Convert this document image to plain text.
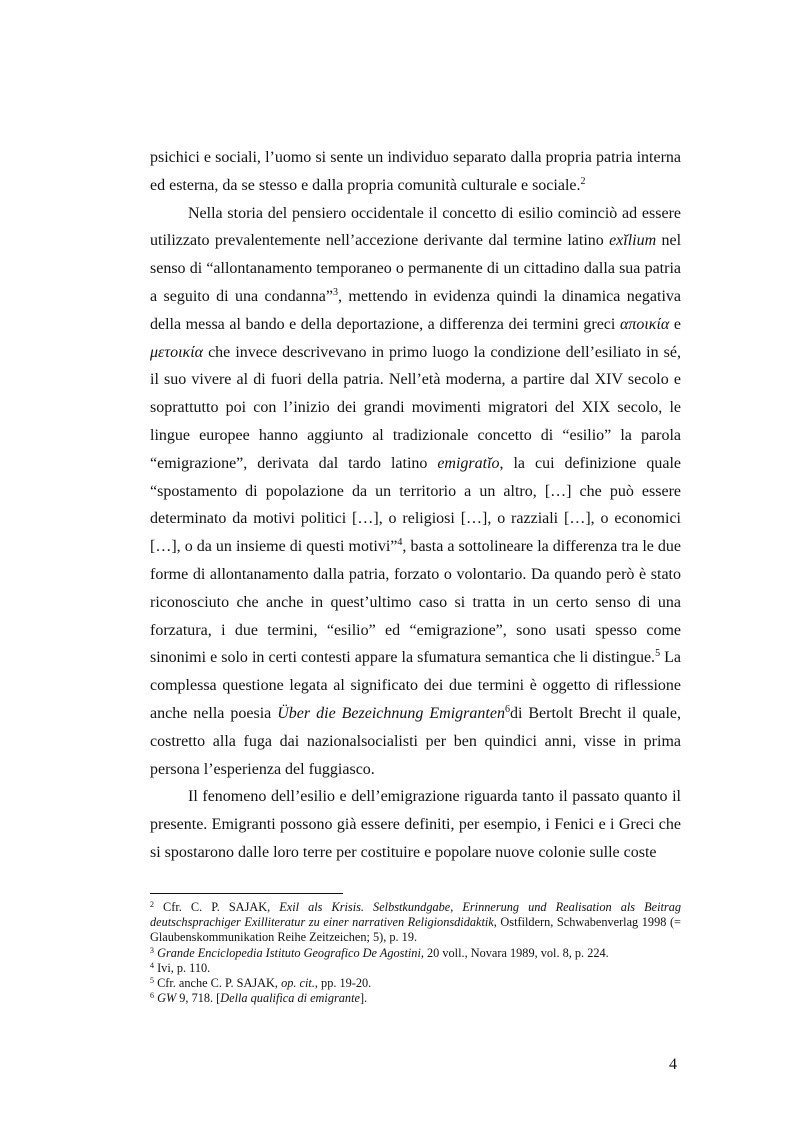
psichici e sociali, l’uomo si sente un individuo separato dalla propria patria interna ed esterna, da se stesso e dalla propria comunità culturale e sociale.$^2$

Nella storia del pensiero occidentale il concetto di esilio cominciò ad essere utilizzato prevalentemente nell’accezione derivante dal termine latino exĭlium nel senso di “allontanamento temporaneo o permanente di un cittadino dalla sua patria a seguito di una condanna”$^3$, mettendo in evidenza quindi la dinamica negativa della messa al bando e della deportazione, a differenza dei termini greci αποικία e μετοικία che invece descrivevano in primo luogo la condizione dell’esiliato in sé, il suo vivere al di fuori della patria. Nell’età moderna, a partire dal XIV secolo e soprattutto poi con l’inizio dei grandi movimenti migratori del XIX secolo, le lingue europee hanno aggiunto al tradizionale concetto di “esilio” la parola “emigrazione”, derivata dal tardo latino emigratĭo, la cui definizione quale “spostamento di popolazione da un territorio a un altro, […] che può essere determinato da motivi politici […], o religiosi […], o razziali […], o economici […], o da un insieme di questi motivi”$^4$, basta a sottolineare la differenza tra le due forme di allontanamento dalla patria, forzato o volontario. Da quando però è stato riconosciuto che anche in quest’ultimo caso si tratta in un certo senso di una forzatura, i due termini, “esilio” ed “emigrazione”, sono usati spesso come sinonimi e solo in certi contesti appare la sfumatura semantica che li distingue.$^5$ La complessa questione legata al significato dei due termini è oggetto di riflessione anche nella poesia Über die Bezeichnung Emigranten$^6$di Bertolt Brecht il quale, costretto alla fuga dai nazionalsocialisti per ben quindici anni, visse in prima persona l’esperienza del fuggiasco.

Il fenomeno dell’esilio e dell’emigrazione riguarda tanto il passato quanto il presente. Emigranti possono già essere definiti, per esempio, i Fenici e i Greci che si spostarono dalle loro terre per costituire e popolare nuove colonie sulle coste

$^2$ Cfr. C. P. SAJAK, Exil als Krisis. Selbstkundgabe, Erinnerung und Realisation als Beitrag deutschsprachiger Exilliteratur zu einer narrativen Religionsdidaktik, Ostfildern, Schwabenverlag 1998 (= Glaubenskommunikation Reihe Zeitzeichen; 5), p. 19.

$^3$ Grande Enciclopedia Istituto Geografico De Agostini, 20 voll., Novara 1989, vol. 8, p. 224.

$^4$ Ivi, p. 110.

$^5$ Cfr. anche C. P. SAJAK, op. cit., pp. 19-20.

$^6$ GW 9, 718. [Della qualifica di emigrante].

4
